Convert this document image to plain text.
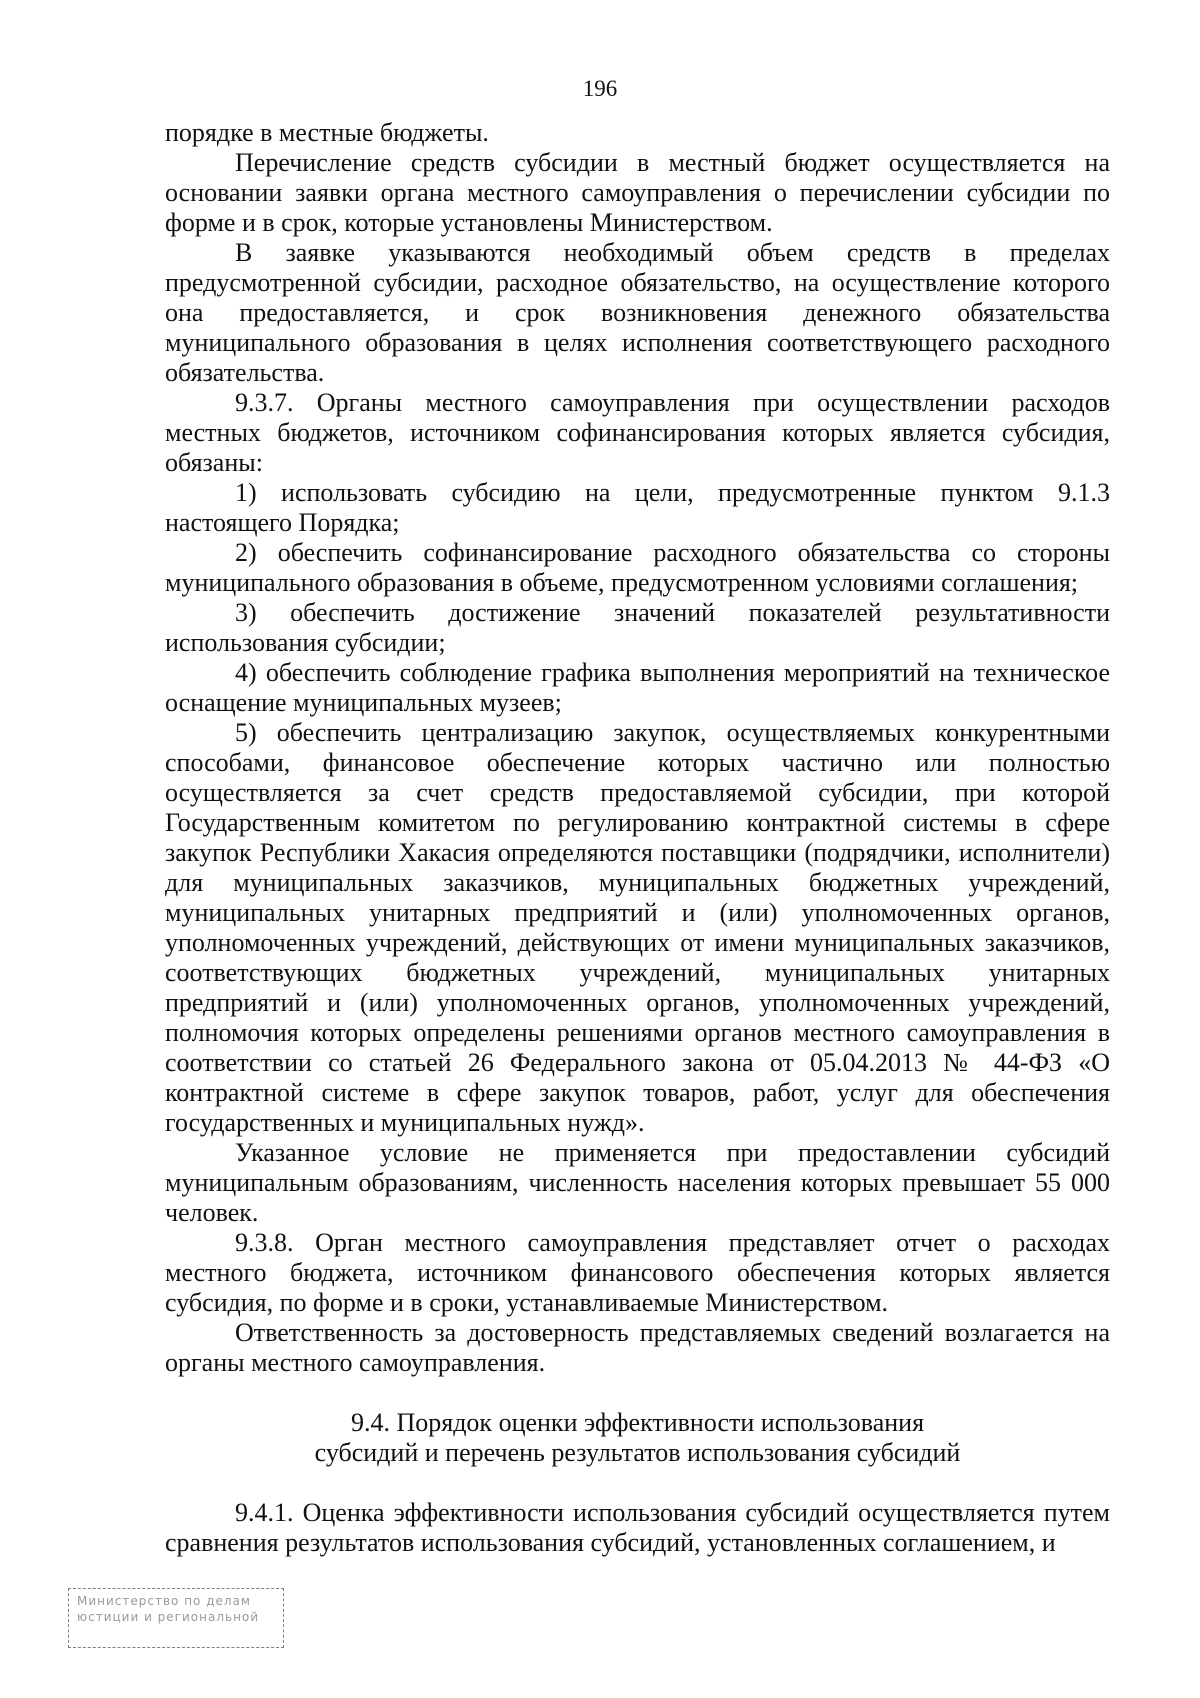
196

порядке в местные бюджеты.

Перечисление средств субсидии в местный бюджет осуществляется на основании заявки органа местного самоуправления о перечислении субсидии по форме и в срок, которые установлены Министерством.

В заявке указываются необходимый объем средств в пределах предусмотренной субсидии, расходное обязательство, на осуществление которого она предоставляется, и срок возникновения денежного обязательства муниципального образования в целях исполнения соответствующего расходного обязательства.

9.3.7. Органы местного самоуправления при осуществлении расходов местных бюджетов, источником софинансирования которых является субсидия, обязаны:

1) использовать субсидию на цели, предусмотренные пунктом 9.1.3 настоящего Порядка;

2) обеспечить софинансирование расходного обязательства со стороны муниципального образования в объеме, предусмотренном условиями соглашения;

3) обеспечить достижение значений показателей результативности использования субсидии;

4) обеспечить соблюдение графика выполнения мероприятий на техническое оснащение муниципальных музеев;

5) обеспечить централизацию закупок, осуществляемых конкурентными способами, финансовое обеспечение которых частично или полностью осуществляется за счет средств предоставляемой субсидии, при которой Государственным комитетом по регулированию контрактной системы в сфере закупок Республики Хакасия определяются поставщики (подрядчики, исполнители) для муниципальных заказчиков, муниципальных бюджетных учреждений, муниципальных унитарных предприятий и (или) уполномоченных органов, уполномоченных учреждений, действующих от имени муниципальных заказчиков, соответствующих бюджетных учреждений, муниципальных унитарных предприятий и (или) уполномоченных органов, уполномоченных учреждений, полномочия которых определены решениями органов местного самоуправления в соответствии со статьей 26 Федерального закона от 05.04.2013 № 44-ФЗ «О контрактной системе в сфере закупок товаров, работ, услуг для обеспечения государственных и муниципальных нужд».

Указанное условие не применяется при предоставлении субсидий муниципальным образованиям, численность населения которых превышает 55 000 человек.

9.3.8. Орган местного самоуправления представляет отчет о расходах местного бюджета, источником финансового обеспечения которых является субсидия, по форме и в сроки, устанавливаемые Министерством.

Ответственность за достоверность представляемых сведений возлагается на органы местного самоуправления.

9.4. Порядок оценки эффективности использования
субсидий и перечень результатов использования субсидий

9.4.1. Оценка эффективности использования субсидий осуществляется путем сравнения результатов использования субсидий, установленных соглашением, и

Министерство по делам
юстиции и региональной
